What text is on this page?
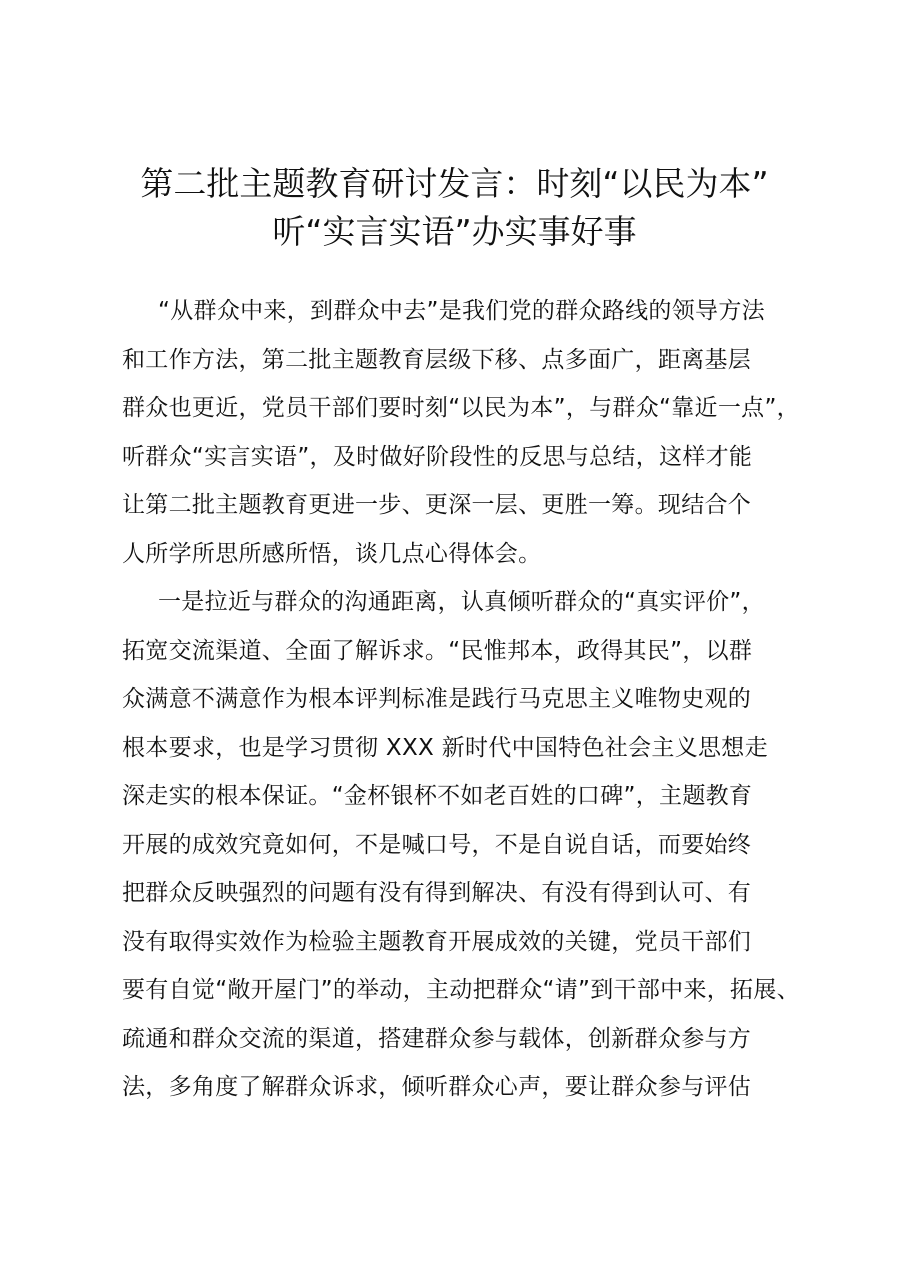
第二批主题教育研讨发言：时刻“以民为本”
听“实言实语”办实事好事
“从群众中来，到群众中去”是我们党的群众路线的领导方法
和工作方法，第二批主题教育层级下移、点多面广，距离基层
群众也更近，党员干部们要时刻“以民为本”，与群众“靠近一点”，
听群众“实言实语”，及时做好阶段性的反思与总结，这样才能
让第二批主题教育更进一步、更深一层、更胜一筹。现结合个
人所学所思所感所悟，谈几点心得体会。
一是拉近与群众的沟通距离，认真倾听群众的“真实评价”，
拓宽交流渠道、全面了解诉求。“民惟邦本，政得其民”，以群
众满意不满意作为根本评判标准是践行马克思主义唯物史观的
根本要求，也是学习贯彻 XXX 新时代中国特色社会主义思想走
深走实的根本保证。“金杯银杯不如老百姓的口碑”，主题教育
开展的成效究竟如何，不是喊口号，不是自说自话，而要始终
把群众反映强烈的问题有没有得到解决、有没有得到认可、有
没有取得实效作为检验主题教育开展成效的关键，党员干部们
要有自觉“敞开屋门”的举动，主动把群众“请”到干部中来，拓展、
疏通和群众交流的渠道，搭建群众参与载体，创新群众参与方
法，多角度了解群众诉求，倾听群众心声，要让群众参与评估
